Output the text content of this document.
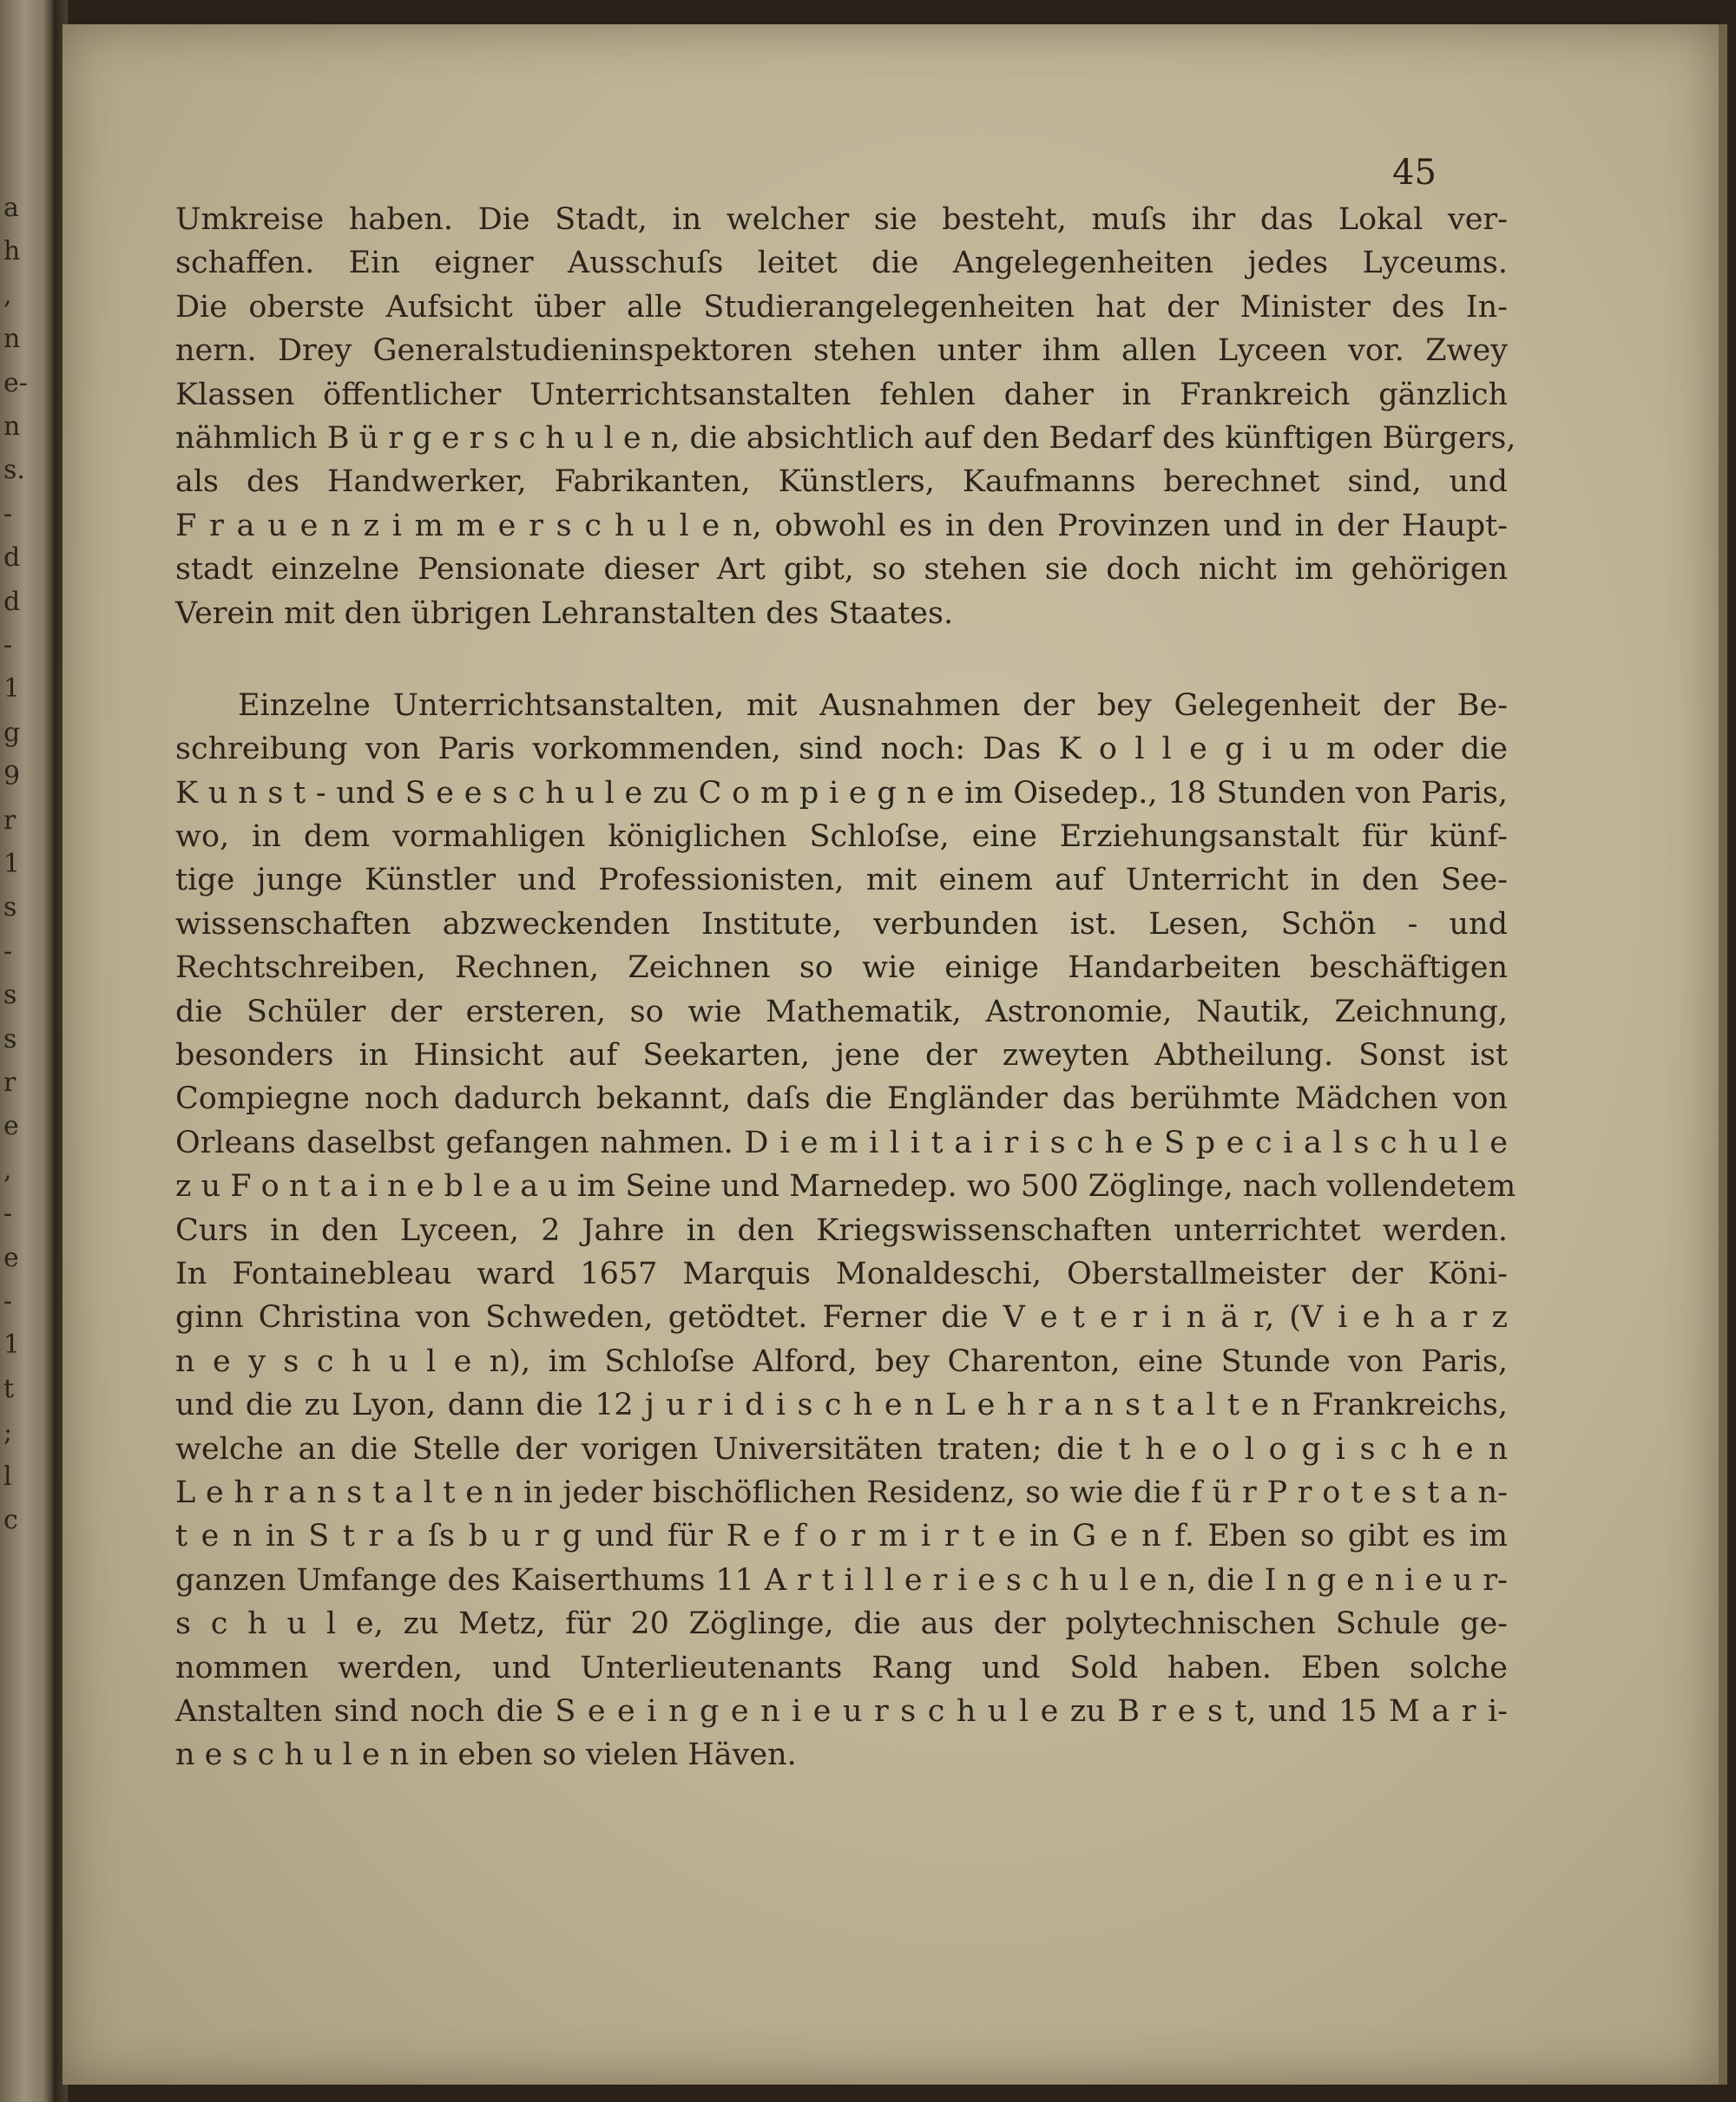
a
h
,
n
e-
n
s.
-
d
d
-
1
g
9
r
1
s
-
s
s
r
e
,
-
e
-
1
t
;
l
c
45
Umkreise haben. Die Stadt, in welcher sie besteht, muſs ihr das Lokal ver-
schaffen. Ein eigner Ausschuſs leitet die Angelegenheiten jedes Lyceums.
Die oberste Aufsicht über alle Studierangelegenheiten hat der Minister des In-
nern. Drey Generalstudieninspektoren stehen unter ihm allen Lyceen vor. Zwey
Klassen öffentlicher Unterrichtsanstalten fehlen daher in Frankreich gänzlich
nähmlich B ü r g e r s c h u l e n, die absichtlich auf den Bedarf des künftigen Bürgers,
als des Handwerker, Fabrikanten, Künstlers, Kaufmanns berechnet sind, und
F r a u e n z i m m e r s c h u l e n, obwohl es in den Provinzen und in der Haupt-
stadt einzelne Pensionate dieser Art gibt, so stehen sie doch nicht im gehörigen
Verein mit den übrigen Lehranstalten des Staates.
Einzelne Unterrichtsanstalten, mit Ausnahmen der bey Gelegenheit der Be-
schreibung von Paris vorkommenden, sind noch: Das K o l l e g i u m oder die
K u n s t - und S e e s c h u l e zu C o m p i e g n e im Oisedep., 18 Stunden von Paris,
wo, in dem vormahligen königlichen Schloſse, eine Erziehungsanstalt für künf-
tige junge Künstler und Professionisten, mit einem auf Unterricht in den See-
wissenschaften abzweckenden Institute, verbunden ist. Lesen, Schön - und
Rechtschreiben, Rechnen, Zeichnen so wie einige Handarbeiten beschäftigen
die Schüler der ersteren, so wie Mathematik, Astronomie, Nautik, Zeichnung,
besonders in Hinsicht auf Seekarten, jene der zweyten Abtheilung. Sonst ist
Compiegne noch dadurch bekannt, daſs die Engländer das berühmte Mädchen von
Orleans daselbst gefangen nahmen. D i e m i l i t a i r i s c h e S p e c i a l s c h u l e
z u F o n t a i n e b l e a u im Seine und Marnedep. wo 500 Zöglinge, nach vollendetem
Curs in den Lyceen, 2 Jahre in den Kriegswissenschaften unterrichtet werden.
In Fontainebleau ward 1657 Marquis Monaldeschi, Oberstallmeister der Köni-
ginn Christina von Schweden, getödtet. Ferner die V e t e r i n ä r, (V i e h a r z
n e y s c h u l e n), im Schloſse Alford, bey Charenton, eine Stunde von Paris,
und die zu Lyon, dann die 12 j u r i d i s c h e n L e h r a n s t a l t e n Frankreichs,
welche an die Stelle der vorigen Universitäten traten; die t h e o l o g i s c h e n
L e h r a n s t a l t e n in jeder bischöflichen Residenz, so wie die f ü r P r o t e s t a n-
t e n in S t r a ſs b u r g und für R e f o r m i r t e in G e n f. Eben so gibt es im
ganzen Umfange des Kaiserthums 11 A r t i l l e r i e s c h u l e n, die I n g e n i e u r-
s c h u l e, zu Metz, für 20 Zöglinge, die aus der polytechnischen Schule ge-
nommen werden, und Unterlieutenants Rang und Sold haben. Eben solche
Anstalten sind noch die S e e i n g e n i e u r s c h u l e zu B r e s t, und 15 M a r i-
n e s c h u l e n in eben so vielen Häven.
